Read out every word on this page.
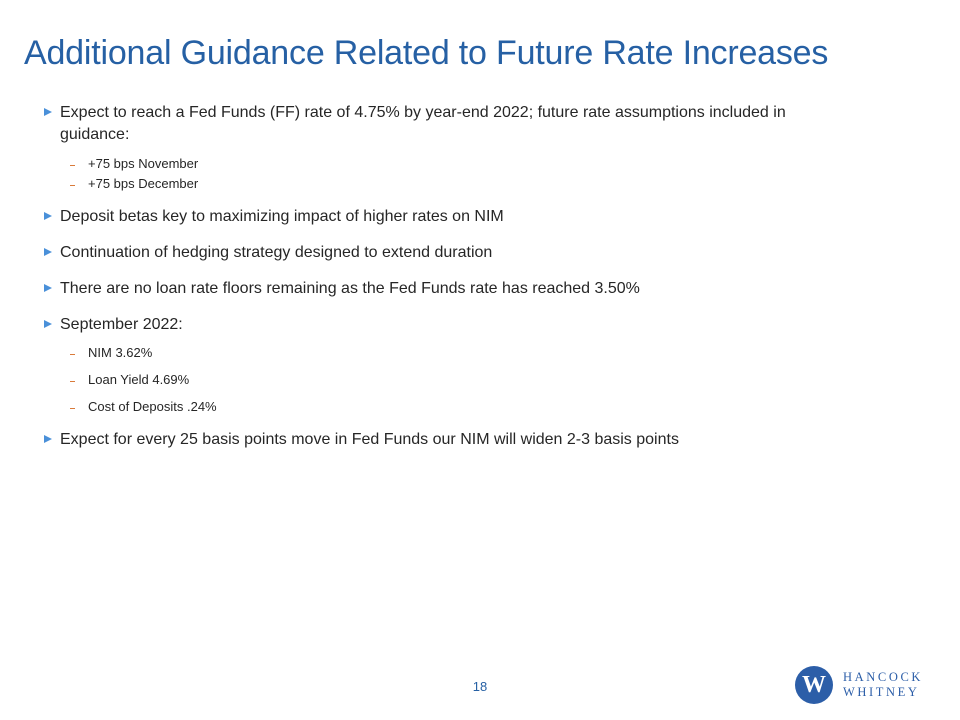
Additional Guidance Related to Future Rate Increases
Expect to reach a Fed Funds (FF) rate of 4.75% by year-end 2022; future rate assumptions included in guidance:
+75 bps November
+75 bps December
Deposit betas key to maximizing impact of higher rates on NIM
Continuation of hedging strategy designed to extend duration
There are no loan rate floors remaining as the Fed Funds rate has reached 3.50%
September 2022:
NIM 3.62%
Loan Yield 4.69%
Cost of Deposits .24%
Expect for every 25 basis points move in Fed Funds our NIM will widen 2-3 basis points
18	W	HANCOCK
WHITNEY
